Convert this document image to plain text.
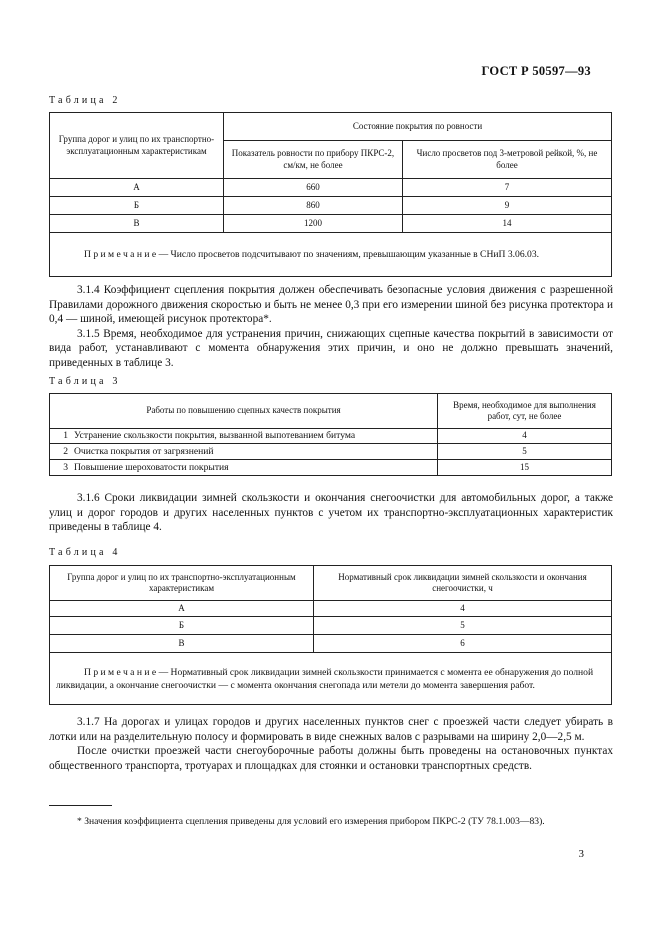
ГОСТ Р 50597—93
Таблица 2
Группа дорог и улиц по их транспортно-эксплуатационным характеристикам	Состояние покрытия по ровности	
	Показатель ровности по прибору ПКРС-2, см/км, не более	Число просветов под 3-метровой рейкой, %, не более
А	660	7
Б	860	9
В	1200	14
Примечание— Число просветов подсчитывают по значениям, превышающим указанные в СНиП 3.06.03.		

3.1.4 Коэффициент сцепления покрытия должен обеспечивать безопасные условия движения с разрешенной Правилами дорожного движения скоростью и быть не менее 0,3 при его измерении шиной без рисунка протектора и 0,4 — шиной, имеющей рисунок протектора*.

3.1.5 Время, необходимое для устранения причин, снижающих сцепные качества покрытий в зависимости от вида работ, устанавливают с момента обнаружения этих причин, и оно не должно превышать значений, приведенных в таблице 3.

Таблица 3
Работы по повышению сцепных качеств покрытия	Время, необходимое для выполнения работ, сут, не более
1 Устранение скользкости покрытия, вызванной выпотеванием битума	4
2 Очистка покрытия от загрязнений	5
3 Повышение шероховатости покрытия	15

3.1.6 Сроки ликвидации зимней скользкости и окончания снегоочистки для автомобильных дорог, а также улиц и дорог городов и других населенных пунктов с учетом их транспортно-эксплуатационных характеристик приведены в таблице 4.

Таблица 4
Группа дорог и улиц по их транспортно-эксплуатационным характеристикам	Нормативный срок ликвидации зимней скользкости и окончания снегоочистки, ч
А	4
Б	5
В	6
Примечание— Нормативный срок ликвидации зимней скользкости принимается с момента ее обнаружения до полной ликвидации, а окончание снегоочистки — с момента окончания снегопада или метели до момента завершения работ.	

3.1.7 На дорогах и улицах городов и других населенных пунктов снег с проезжей части следует убирать в лотки или на разделительную полосу и формировать в виде снежных валов с разрывами на ширину 2,0—2,5 м.

После очистки проезжей части снегоуборочные работы должны быть проведены на остановочных пунктах общественного транспорта, тротуарах и площадках для стоянки и остановки транспортных средств.

* Значения коэффициента сцепления приведены для условий его измерения прибором ПКРС-2 (ТУ 78.1.003—83).
3
